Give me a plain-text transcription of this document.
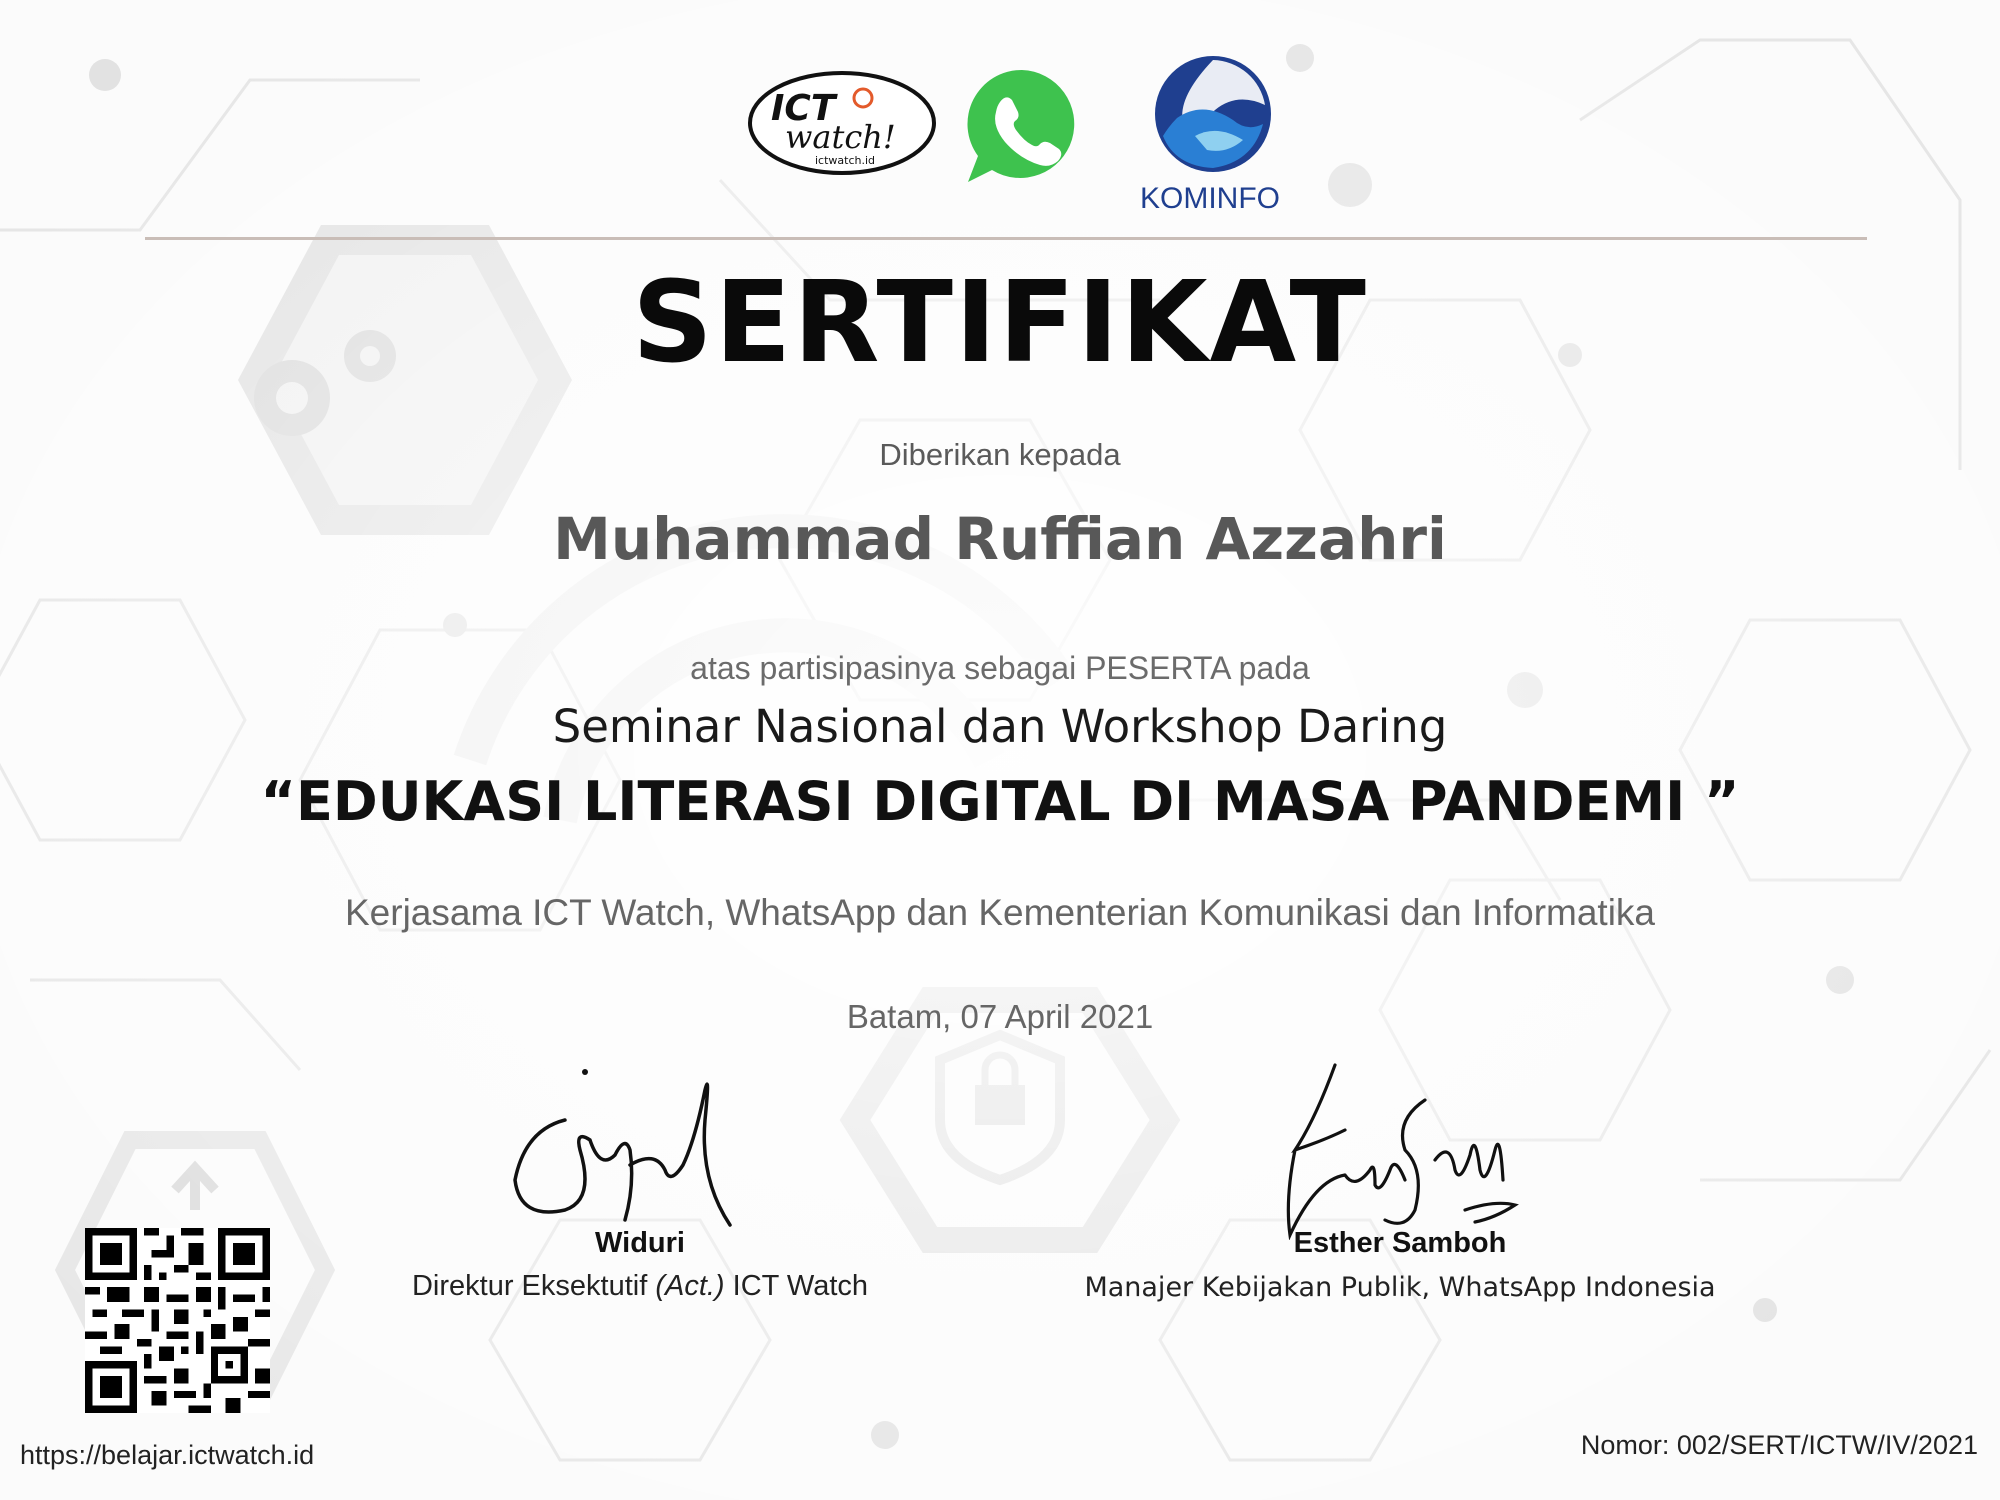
ICT
watch!
ictwatch.id
KOMINFO
SERTIFIKAT
Diberikan kepada
Muhammad Ruffian Azzahri
atas partisipasinya sebagai PESERTA pada
Seminar Nasional dan Workshop Daring
“EDUKASI LITERASI DIGITAL DI MASA PANDEMI ”
Kerjasama ICT Watch, WhatsApp dan Kementerian Komunikasi dan Informatika
Batam, 07 April 2021
Widuri
Direktur Eksektutif (Act.) ICT Watch
Esther Samboh
Manajer Kebijakan Publik, WhatsApp Indonesia
https://belajar.ictwatch.id	Nomor: 002/SERT/ICTW/IV/2021
